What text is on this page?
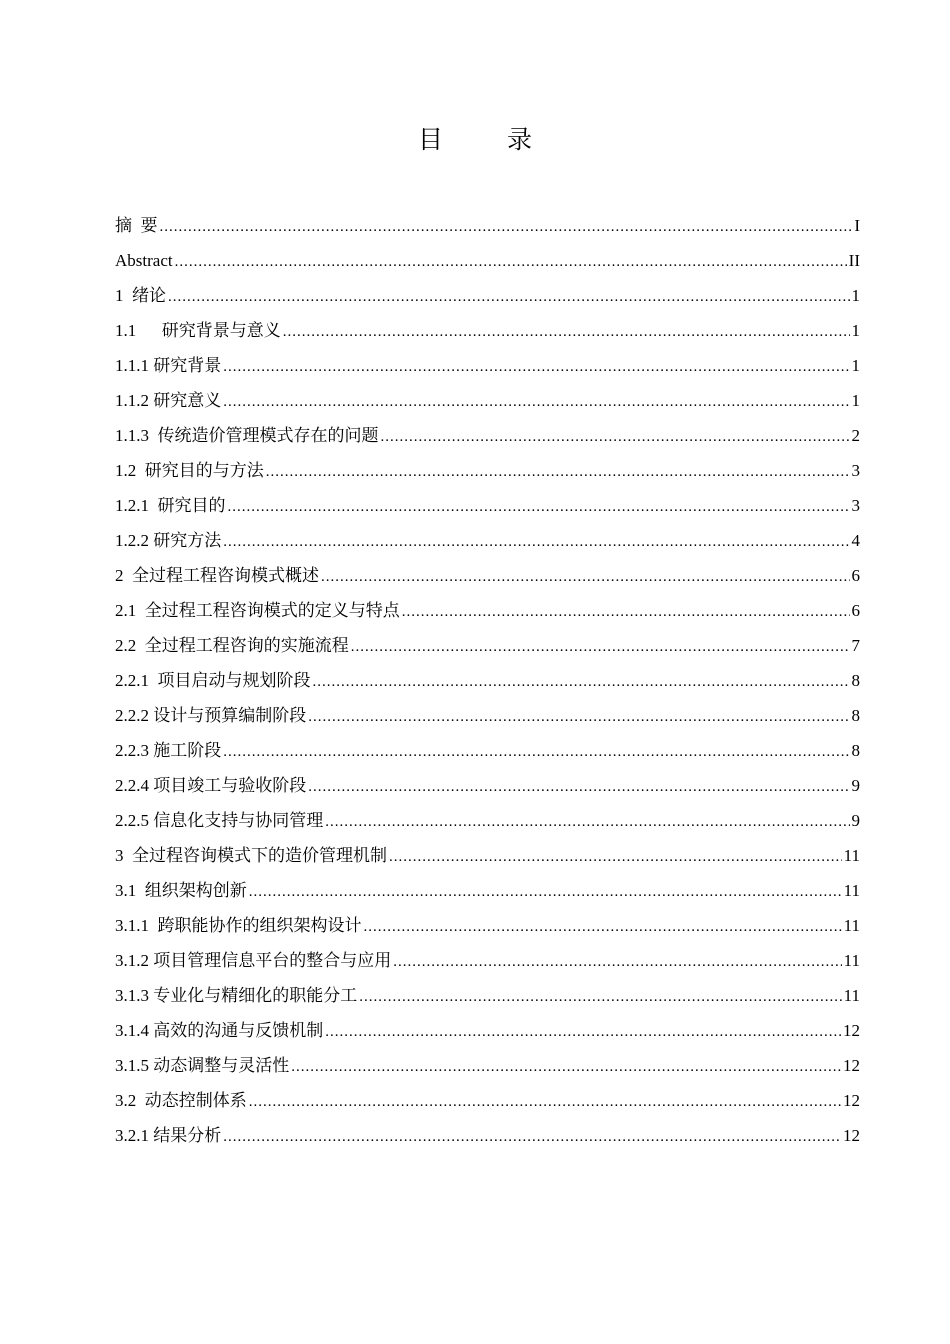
目 录
摘  要 .....	I
Abstract .....	II
1  绪论 .....	1
1.1      研究背景与意义 .....	1
1.1.1 研究背景 .....	1
1.1.2 研究意义 .....	1
1.1.3  传统造价管理模式存在的问题 .....	2
1.2  研究目的与方法 .....	3
1.2.1  研究目的 .....	3
1.2.2 研究方法 .....	4
2  全过程工程咨询模式概述 .....	6
2.1  全过程工程咨询模式的定义与特点 .....	6
2.2  全过程工程咨询的实施流程 .....	7
2.2.1  项目启动与规划阶段 .....	8
2.2.2 设计与预算编制阶段 .....	8
2.2.3 施工阶段 .....	8
2.2.4 项目竣工与验收阶段 .....	9
2.2.5 信息化支持与协同管理 .....	9
3  全过程咨询模式下的造价管理机制 .....	11
3.1  组织架构创新 .....	11
3.1.1  跨职能协作的组织架构设计 .....	11
3.1.2 项目管理信息平台的整合与应用 .....	11
3.1.3 专业化与精细化的职能分工 .....	11
3.1.4 高效的沟通与反馈机制 .....	12
3.1.5 动态调整与灵活性 .....	12
3.2  动态控制体系 .....	12
3.2.1 结果分析 .....	12
